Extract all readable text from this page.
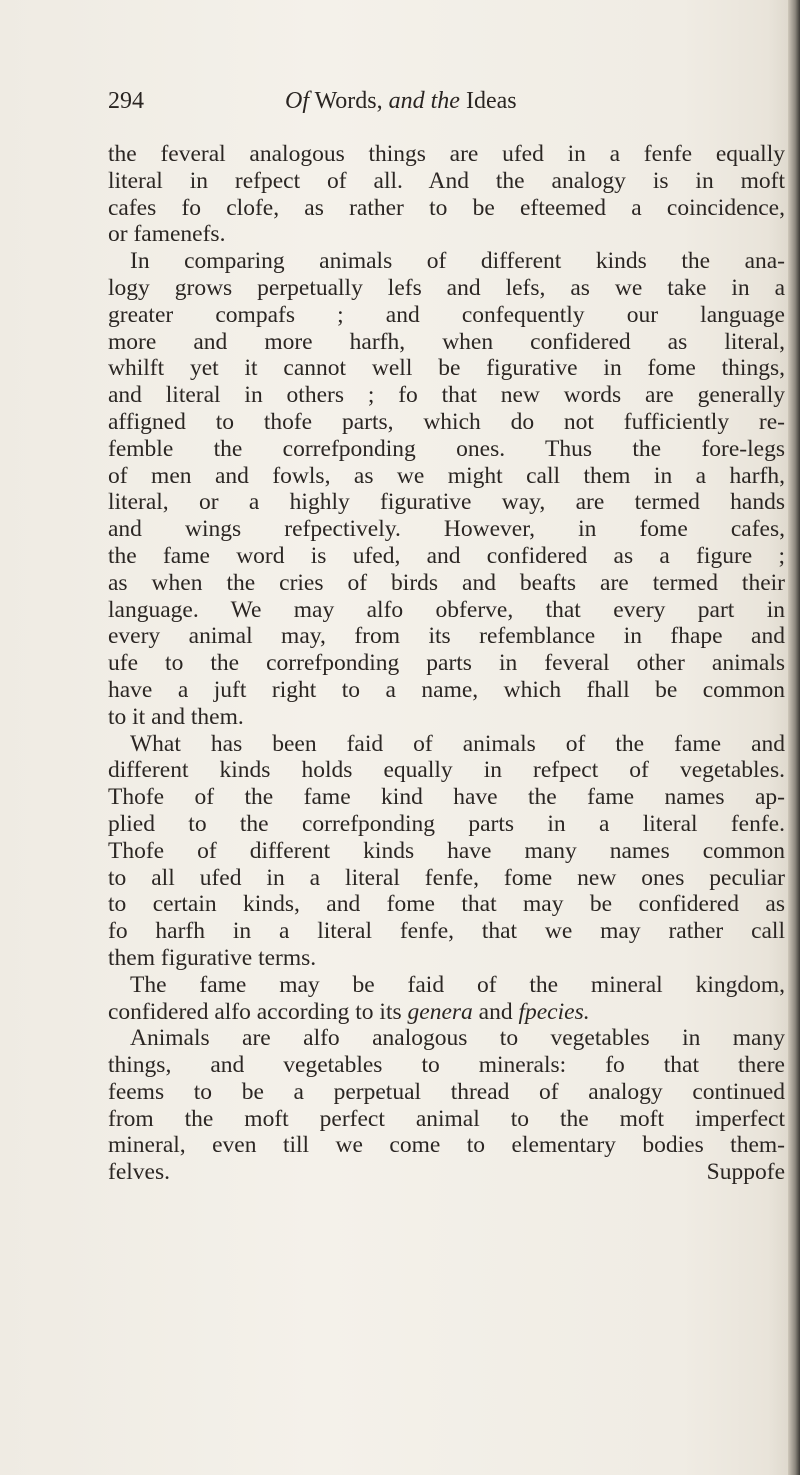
294	Of Words, and the Ideas
the feveral analogous things are ufed in a fenfe equally
literal in refpect of all. And the analogy is in moft
cafes fo clofe, as rather to be efteemed a coincidence,
or famenefs.
In comparing animals of different kinds the ana-
logy grows perpetually lefs and lefs, as we take in a
greater compafs ; and confequently our language
more and more harfh, when confidered as literal,
whilft yet it cannot well be figurative in fome things,
and literal in others ; fo that new words are generally
affigned to thofe parts, which do not fufficiently re-
femble the correfponding ones. Thus the fore-legs
of men and fowls, as we might call them in a harfh,
literal, or a highly figurative way, are termed hands
and wings refpectively. However, in fome cafes,
the fame word is ufed, and confidered as a figure ;
as when the cries of birds and beafts are termed their
language. We may alfo obferve, that every part in
every animal may, from its refemblance in fhape and
ufe to the correfponding parts in feveral other animals
have a juft right to a name, which fhall be common
to it and them.
What has been faid of animals of the fame and
different kinds holds equally in refpect of vegetables.
Thofe of the fame kind have the fame names ap-
plied to the correfponding parts in a literal fenfe.
Thofe of different kinds have many names common
to all ufed in a literal fenfe, fome new ones peculiar
to certain kinds, and fome that may be confidered as
fo harfh in a literal fenfe, that we may rather call
them figurative terms.
The fame may be faid of the mineral kingdom,
confidered alfo according to its genera and fpecies.
Animals are alfo analogous to vegetables in many
things, and vegetables to minerals: fo that there
feems to be a perpetual thread of analogy continued
from the moft perfect animal to the moft imperfect
mineral, even till we come to elementary bodies them-
felves.	Suppofe
